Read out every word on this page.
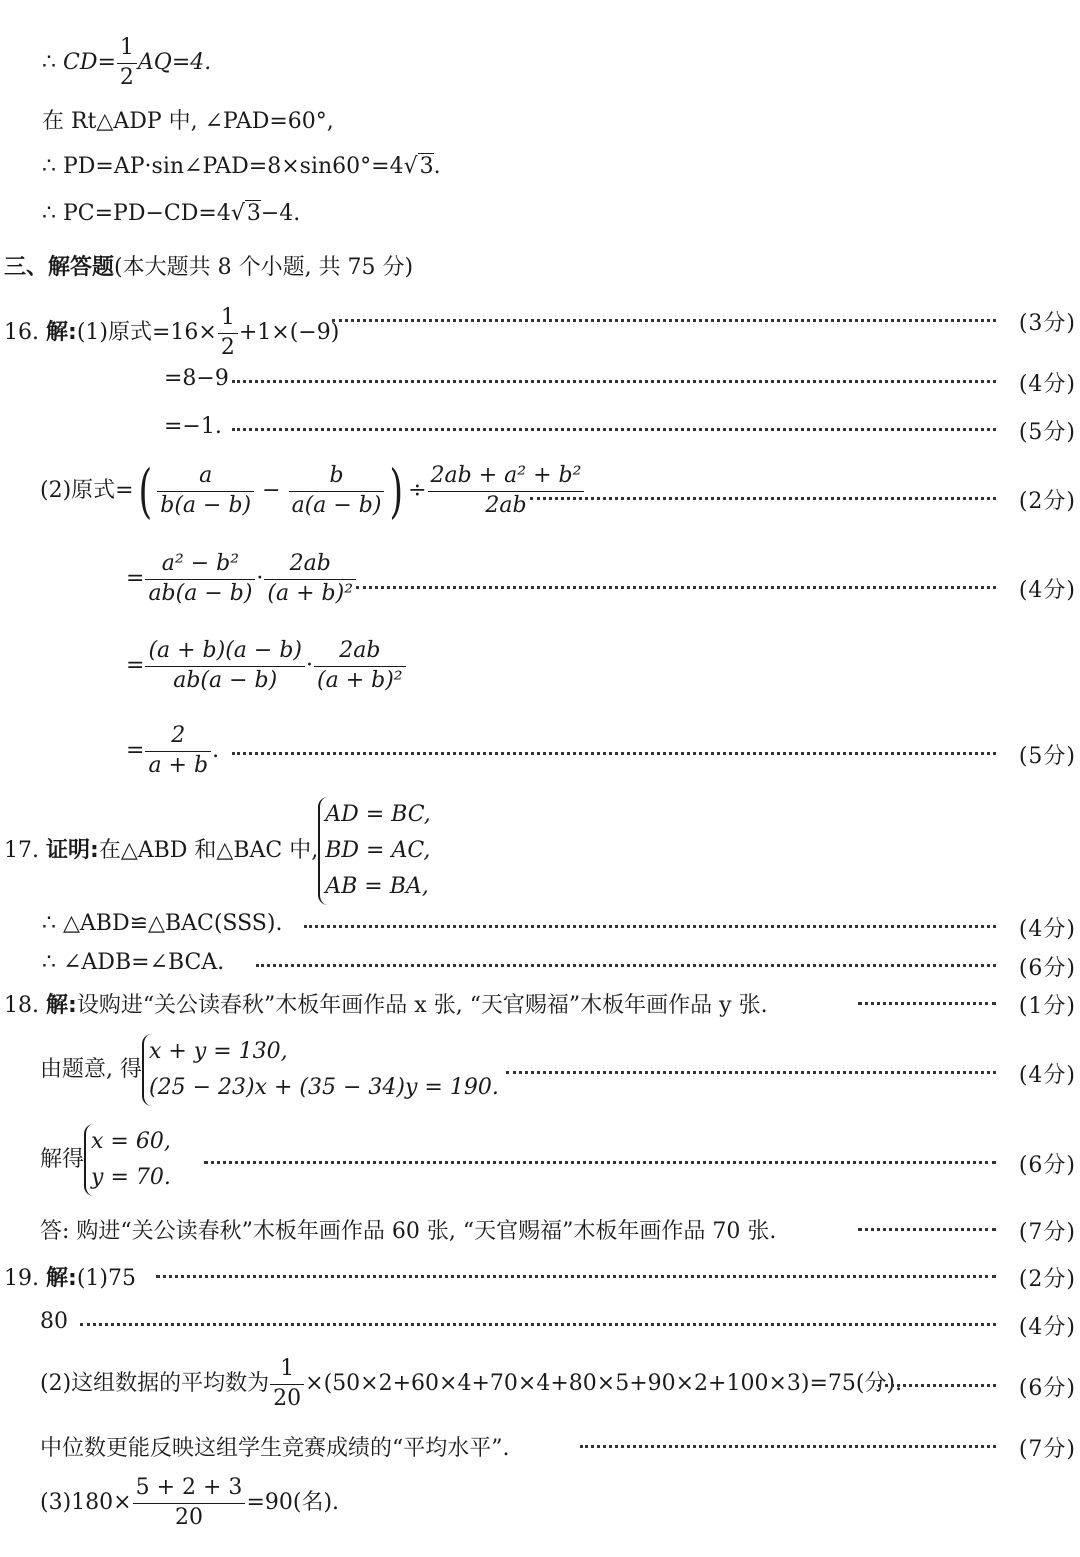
∴ $CD= \frac{1}{2} AQ=4$.
在 Rt△ADP 中, ∠PAD=60°,
∴ PD=AP·sin∠PAD=8×sin60°=4√3.
∴ PC=PD−CD=4√3−4.
三、解答题(本大题共 8 个小题, 共 75 分)
16. 解:(1)原式$=16\times \frac{1}{2} +1\times(-9)$	(3分)
=8−9	(4分)
=−1.	(5分)
(2)原式=( $\frac{a}{b(a - b)} - \frac{b}{a(a - b)}$ ) ÷ $\frac{\text{2ab + a² + b²}}{2ab}$	(2分)
= $\frac{\text{a² − b²}}{ab(a - b)} \cdot \frac{2ab}{\text{(a + b)²}}$	(4分)
= $\frac{(a + b)(a - b)}{ab(a - b)} \cdot \frac{2ab}{\text{(a + b)²}}$
= $\frac{2}{a + b}$ .	(5分)
17. 证明:在△ABD 和△BAC 中,
AD = BC,
BD = AC,
AB = BA,
∴ △ABD≌△BAC(SSS).	(4分)
∴ ∠ADB=∠BCA.	(6分)
18. 解:设购进“关公读春秋”木板年画作品 x 张, “天官赐福”木板年画作品 y 张.	(1分)
由题意, 得
x + y = 130,
(25 − 23)x + (35 − 34)y = 190.	(4分)
解得
x = 60,
y = 70.	(6分)
答: 购进“关公读春秋”木板年画作品 60 张, “天官赐福”木板年画作品 70 张.	(7分)
19. 解:(1)75	(2分)
80	(4分)
(2)这组数据的平均数为 $\frac{1}{20} \times(50\times 2+60\times 4+70\times 4+80\times 5+90\times 2+100\times 3)=75$(分).	(6分)
中位数更能反映这组学生竞赛成绩的“平均水平”.	(7分)
$(3)180\times \frac{5 + 2 + 3}{20} =90$(名).
